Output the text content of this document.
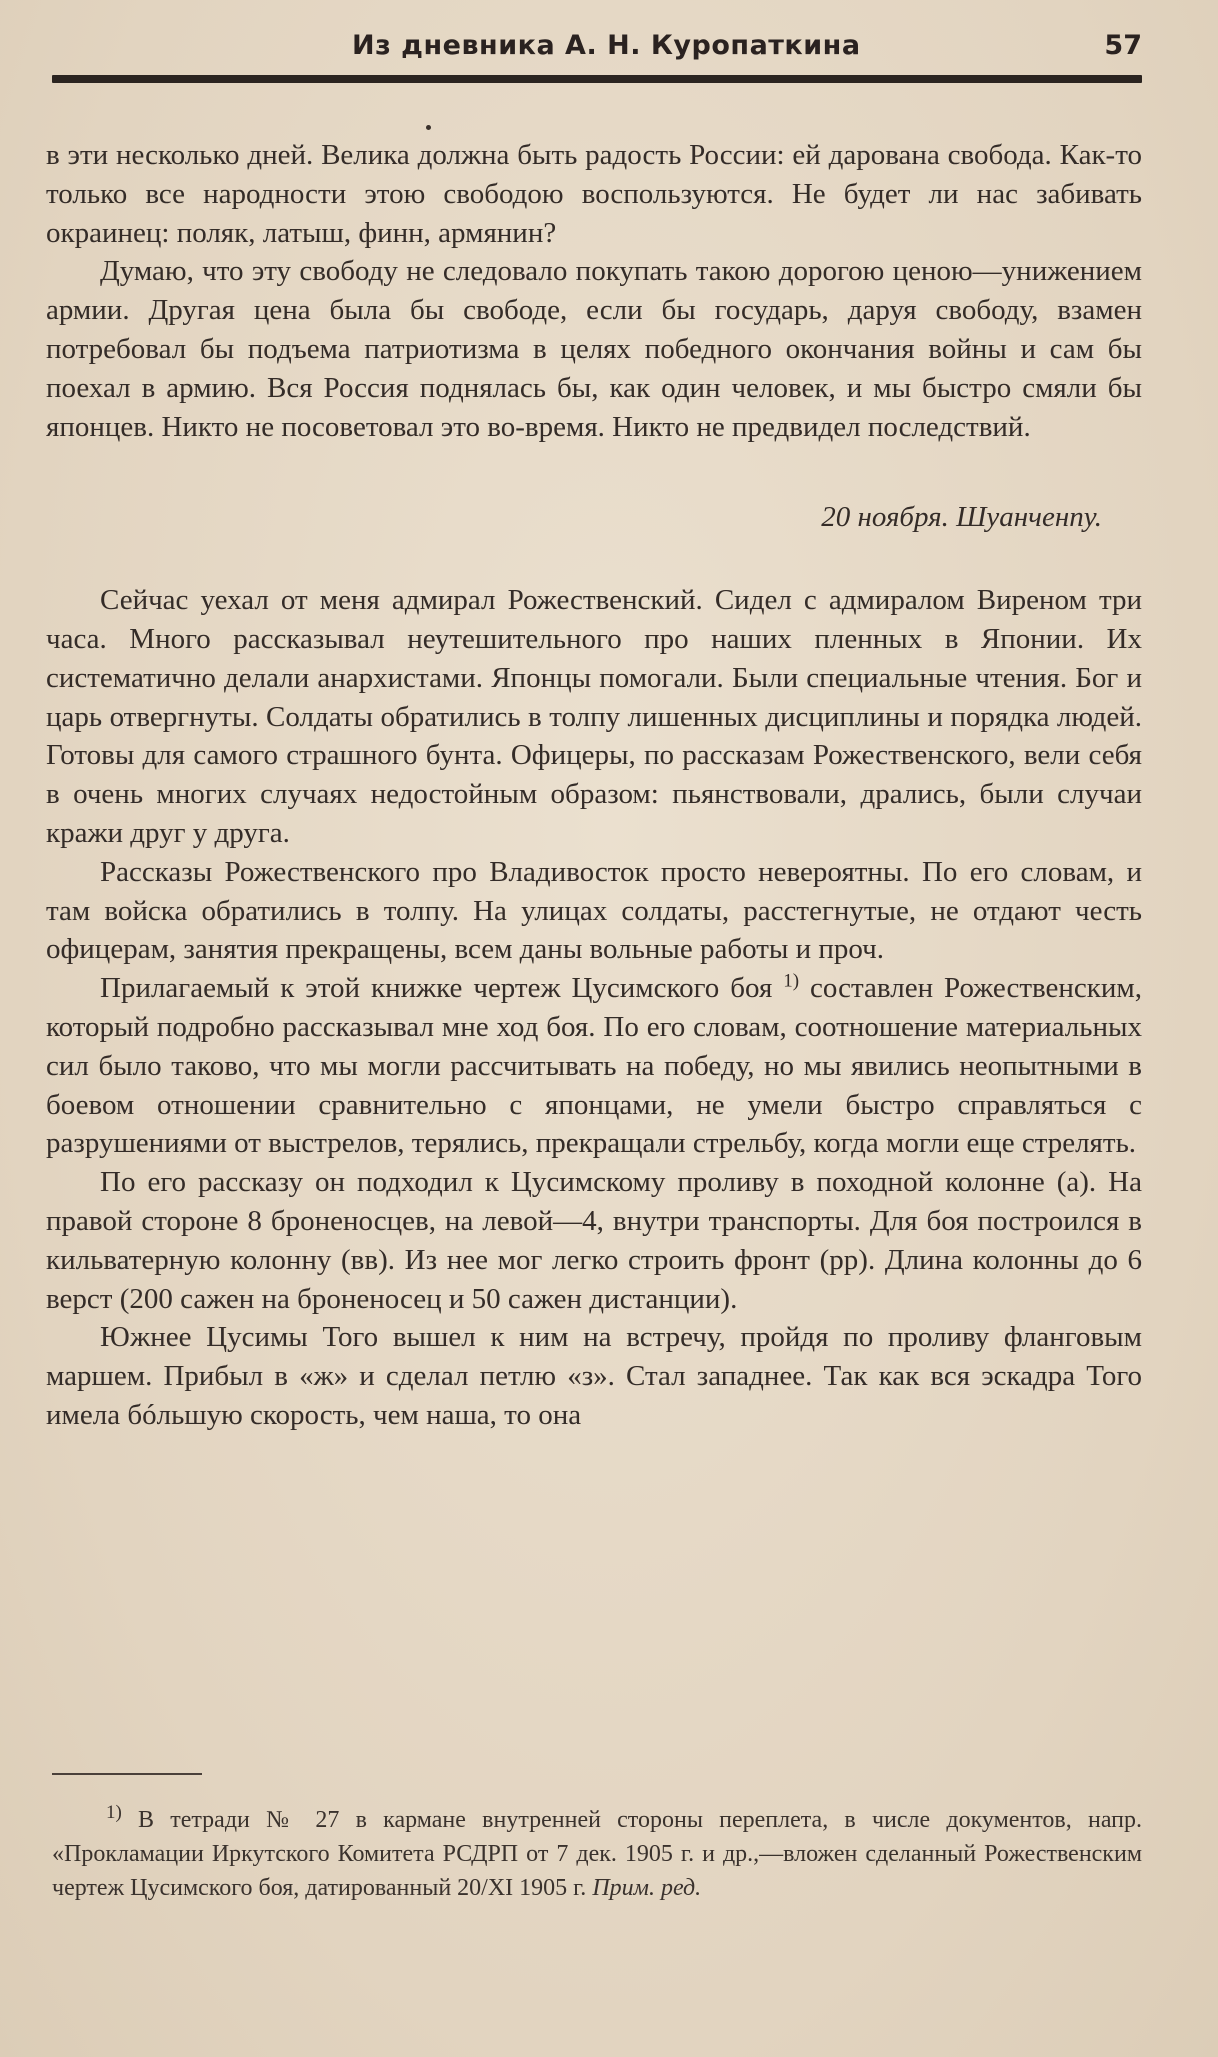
Из дневника А. Н. Куропаткина	57

в эти несколько дней. Велика должна быть радость России: ей дарована свобода. Как-то только все народности этою свободою воспользуются. Не будет ли нас забивать окраинец: поляк, латыш, финн, армянин?

Думаю, что эту свободу не следовало покупать такою дорогою ценою—унижением армии. Другая цена была бы свободе, если бы государь, даруя свободу, взамен потребовал бы подъема патриотизма в целях победного окончания войны и сам бы поехал в армию. Вся Россия поднялась бы, как один человек, и мы быстро смяли бы японцев. Никто не посоветовал это во-время. Никто не предвидел последствий.

20 ноября. Шуанченпу.

Сейчас уехал от меня адмирал Рожественский. Сидел с адмиралом Виреном три часа. Много рассказывал неутешительного про наших пленных в Японии. Их систематично делали анархистами. Японцы помогали. Были специальные чтения. Бог и царь отвергнуты. Солдаты обратились в толпу лишенных дисциплины и порядка людей. Готовы для самого страшного бунта. Офицеры, по рассказам Рожественского, вели себя в очень многих случаях недостойным образом: пьянствовали, дрались, были случаи кражи друг у друга.

Рассказы Рожественского про Владивосток просто невероятны. По его словам, и там войска обратились в толпу. На улицах солдаты, расстегнутые, не отдают честь офицерам, занятия прекращены, всем даны вольные работы и проч.

Прилагаемый к этой книжке чертеж Цусимского боя $^{1)}$ составлен Рожественским, который подробно рассказывал мне ход боя. По его словам, соотношение материальных сил было таково, что мы могли рассчитывать на победу, но мы явились неопытными в боевом отношении сравнительно с японцами, не умели быстро справляться с разрушениями от выстрелов, терялись, прекращали стрельбу, когда могли еще стрелять.

По его рассказу он подходил к Цусимскому проливу в походной колонне (а). На правой стороне 8 броненосцев, на левой—4, внутри транспорты. Для боя построился в кильватерную колонну (вв). Из нее мог легко строить фронт (рр). Длина колонны до 6 верст (200 сажен на броненосец и 50 сажен дистанции).

Южнее Цусимы Того вышел к ним на встречу, пройдя по проливу фланговым маршем. Прибыл в «ж» и сделал петлю «з». Стал западнее. Так как вся эскадра Того имела бóльшую скорость, чем наша, то она

$^{1)}$ В тетради № 27 в кармане внутренней стороны переплета, в числе документов, напр. «Прокламации Иркутского Комитета РСДРП от 7 дек. 1905 г. и др.,—вложен сделанный Рожественским чертеж Цусимского боя, датированный 20/XI 1905 г. Прим. ред.
